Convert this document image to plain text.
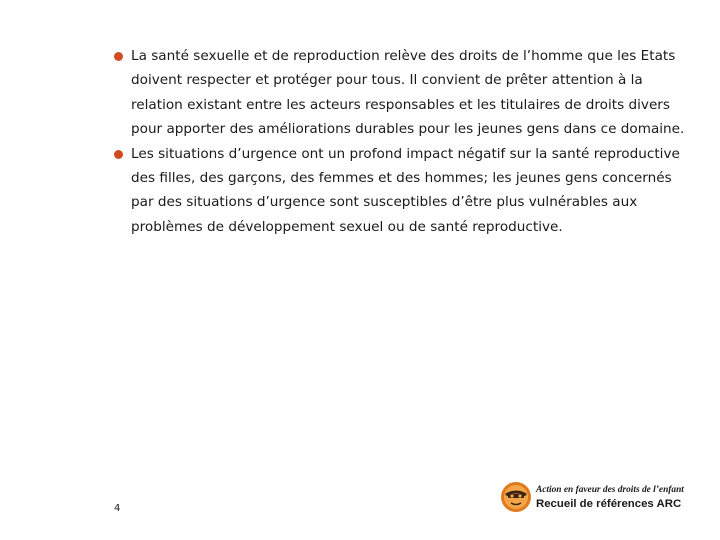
La santé sexuelle et de reproduction relève des droits de l’homme que les Etats doivent respecter et protéger pour tous. Il convient de prêter attention à la relation existant entre les acteurs responsables et les titulaires de droits divers pour apporter des améliorations durables pour les jeunes gens dans ce domaine.
Les situations d’urgence ont un profond impact négatif sur la santé reproductive des filles, des garçons, des femmes et des hommes; les jeunes gens concernés par des situations d’urgence sont susceptibles d’être plus vulnérables aux problèmes de développement sexuel ou de santé reproductive.
4
Action en faveur des droits de l’enfant
Recueil de références ARC
